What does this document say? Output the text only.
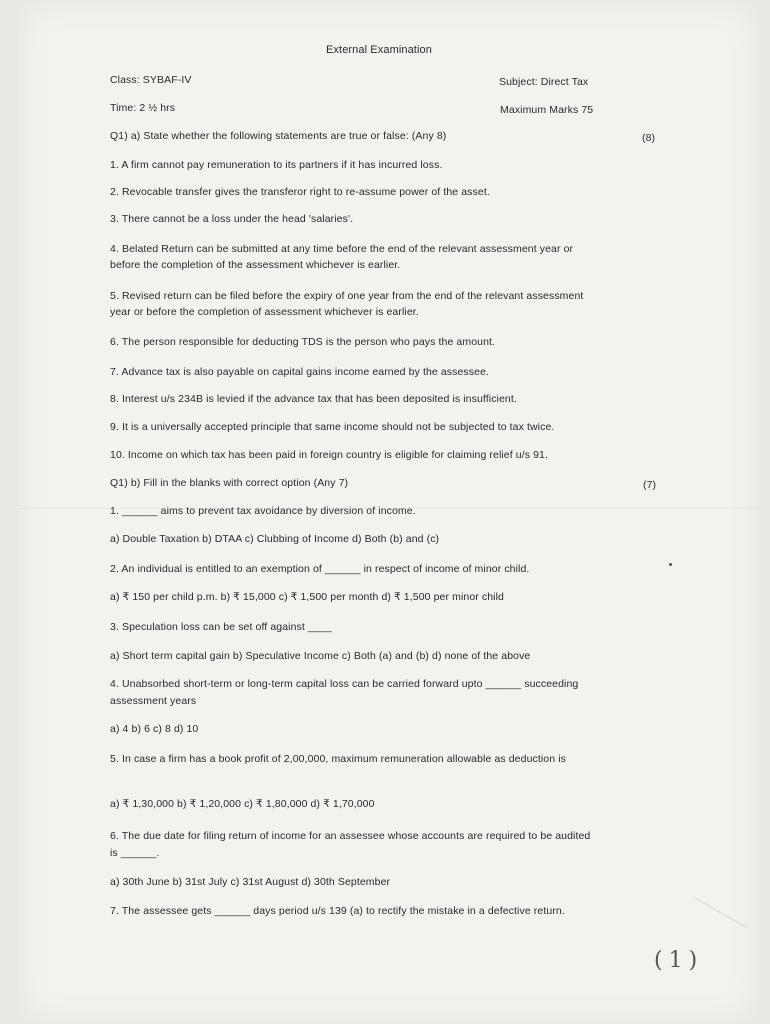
External Examination
Class: SYBAF-IV	Subject: Direct Tax
Time: 2 ½ hrs	Maximum Marks 75
Q1) a) State whether the following statements are true or false: (Any 8)	(8)
1. A firm cannot pay remuneration to its partners if it has incurred loss.
2. Revocable transfer gives the transferor right to re-assume power of the asset.
3. There cannot be a loss under the head 'salaries'.
4. Belated Return can be submitted at any time before the end of the relevant assessment year or
before the completion of the assessment whichever is earlier.
5. Revised return can be filed before the expiry of one year from the end of the relevant assessment
year or before the completion of assessment whichever is earlier.
6. The person responsible for deducting TDS is the person who pays the amount.
7. Advance tax is also payable on capital gains income earned by the assessee.
8. Interest u/s 234B is levied if the advance tax that has been deposited is insufficient.
9. It is a universally accepted principle that same income should not be subjected to tax twice.
10. Income on which tax has been paid in foreign country is eligible for claiming relief u/s 91.
Q1) b) Fill in the blanks with correct option (Any 7)	(7)
1. ______ aims to prevent tax avoidance by diversion of income.
a) Double Taxation b) DTAA c) Clubbing of Income d) Both (b) and (c)
2. An individual is entitled to an exemption of ______ in respect of income of minor child.
a) ₹ 150 per child p.m. b) ₹ 15,000 c) ₹ 1,500 per month d) ₹ 1,500 per minor child
3. Speculation loss can be set off against ____
a) Short term capital gain b) Speculative Income c) Both (a) and (b) d) none of the above
4. Unabsorbed short-term or long-term capital loss can be carried forward upto ______ succeeding
assessment years
a) 4 b) 6 c) 8 d) 10
5. In case a firm has a book profit of 2,00,000, maximum remuneration allowable as deduction is
a) ₹ 1,30,000 b) ₹ 1,20,000 c) ₹ 1,80,000 d) ₹ 1,70,000
6. The due date for filing return of income for an assessee whose accounts are required to be audited
is ______.
a) 30th June b) 31st July c) 31st August d) 30th September
7. The assessee gets ______ days period u/s 139 (a) to rectify the mistake in a defective return.
(1)
